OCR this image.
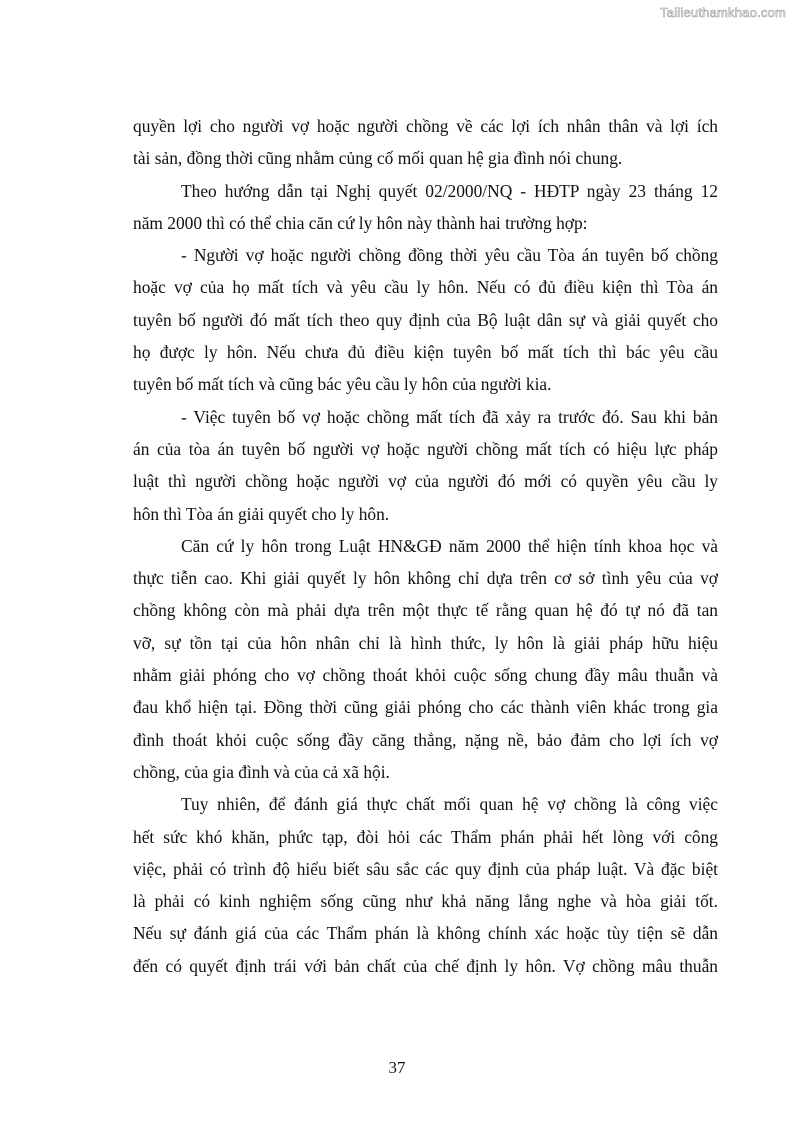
Tailieuthamkhao.com
quyền lợi cho người vợ hoặc người chồng về các lợi ích nhân thân và lợi ích
tài sản, đồng thời cũng nhằm củng cố mối quan hệ gia đình nói chung.
Theo hướng dẫn tại Nghị quyết 02/2000/NQ - HĐTP ngày 23 tháng 12
năm 2000 thì có thể chia căn cứ ly hôn này thành hai trường hợp:
- Người vợ hoặc người chồng đồng thời yêu cầu Tòa án tuyên bố chồng
hoặc vợ của họ mất tích và yêu cầu ly hôn. Nếu có đủ điều kiện thì Tòa án
tuyên bố người đó mất tích theo quy định của Bộ luật dân sự và giải quyết cho
họ được ly hôn. Nếu chưa đủ điều kiện tuyên bố mất tích thì bác yêu cầu
tuyên bố mất tích và cũng bác yêu cầu ly hôn của người kia.
- Việc tuyên bố vợ hoặc chồng mất tích đã xảy ra trước đó. Sau khi bản
án của tòa án tuyên bố người vợ hoặc người chồng mất tích có hiệu lực pháp
luật thì người chồng hoặc người vợ của người đó mới có quyền yêu cầu ly
hôn thì Tòa án giải quyết cho ly hôn.
Căn cứ ly hôn trong Luật HN&GĐ năm 2000 thể hiện tính khoa học và
thực tiễn cao. Khi giải quyết ly hôn không chỉ dựa trên cơ sở tình yêu của vợ
chồng không còn mà phải dựa trên một thực tế rằng quan hệ đó tự nó đã tan
vỡ, sự tồn tại của hôn nhân chỉ là hình thức, ly hôn là giải pháp hữu hiệu
nhằm giải phóng cho vợ chồng thoát khỏi cuộc sống chung đầy mâu thuẫn và
đau khổ hiện tại. Đồng thời cũng giải phóng cho các thành viên khác trong gia
đình thoát khỏi cuộc sống đầy căng thẳng, nặng nề, bảo đảm cho lợi ích vợ
chồng, của gia đình và của cả xã hội.
Tuy nhiên, để đánh giá thực chất mối quan hệ vợ chồng là công việc
hết sức khó khăn, phức tạp, đòi hỏi các Thẩm phán phải hết lòng với công
việc, phải có trình độ hiểu biết sâu sắc các quy định của pháp luật. Và đặc biệt
là phải có kinh nghiệm sống cũng như khả năng lắng nghe và hòa giải tốt.
Nếu sự đánh giá của các Thẩm phán là không chính xác hoặc tùy tiện sẽ dẫn
đến có quyết định trái với bản chất của chế định ly hôn. Vợ chồng mâu thuẫn
37
